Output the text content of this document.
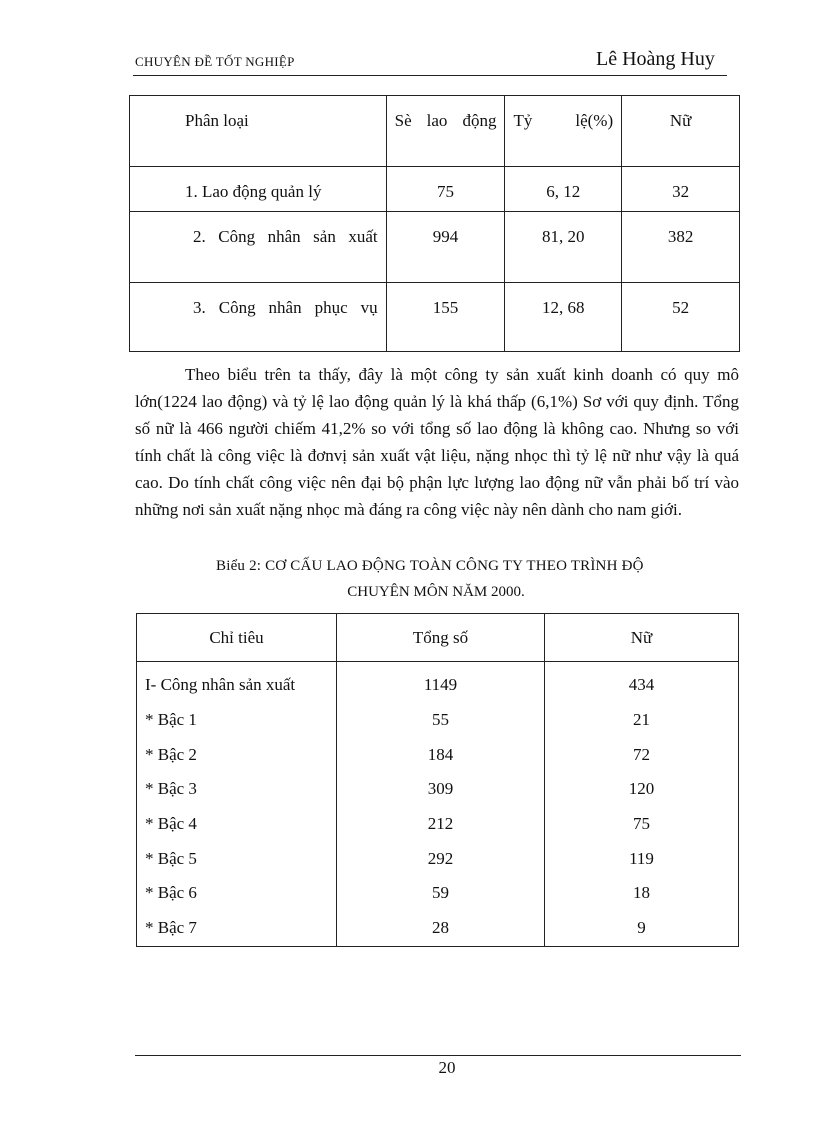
CHUYÊN ĐỀ TỐT NGHIỆP	Lê Hoàng Huy
Phân loại	Sè lao động	Tỷ lệ(%)	Nữ
1. Lao động quản lý	75	6, 12	32
2. Công nhân sản xuất	994	81, 20	382
3. Công nhân phục vụ	155	12, 68	52
Theo biểu trên ta thấy, đây là một công ty sản xuất kinh doanh có quy mô lớn(1224 lao động) và tỷ lệ lao động quản lý là khá thấp (6,1%) Sơ với quy định. Tổng số nữ là 466 người chiếm 41,2% so với tổng số lao động là không cao. Nhưng so với tính chất là công việc là đơnvị sản xuất vật liệu, nặng nhọc thì tỷ lệ nữ như vậy là quá cao. Do tính chất công việc nên đại bộ phận lực lượng lao động nữ vẫn phải bố trí vào những nơi sản xuất nặng nhọc mà đáng ra công việc này nên dành cho nam giới.
Biểu 2: CƠ CẤU LAO ĐỘNG TOÀN CÔNG TY THEO TRÌNH ĐỘ
CHUYÊN MÔN NĂM 2000.
Chỉ tiêu	Tổng số	Nữ
I- Công nhân sản xuất	1149	434
* Bậc 1	55	21
* Bậc 2	184	72
* Bậc 3	309	120
* Bậc 4	212	75
* Bậc 5	292	119
* Bậc 6	59	18
* Bậc 7	28	9
20
